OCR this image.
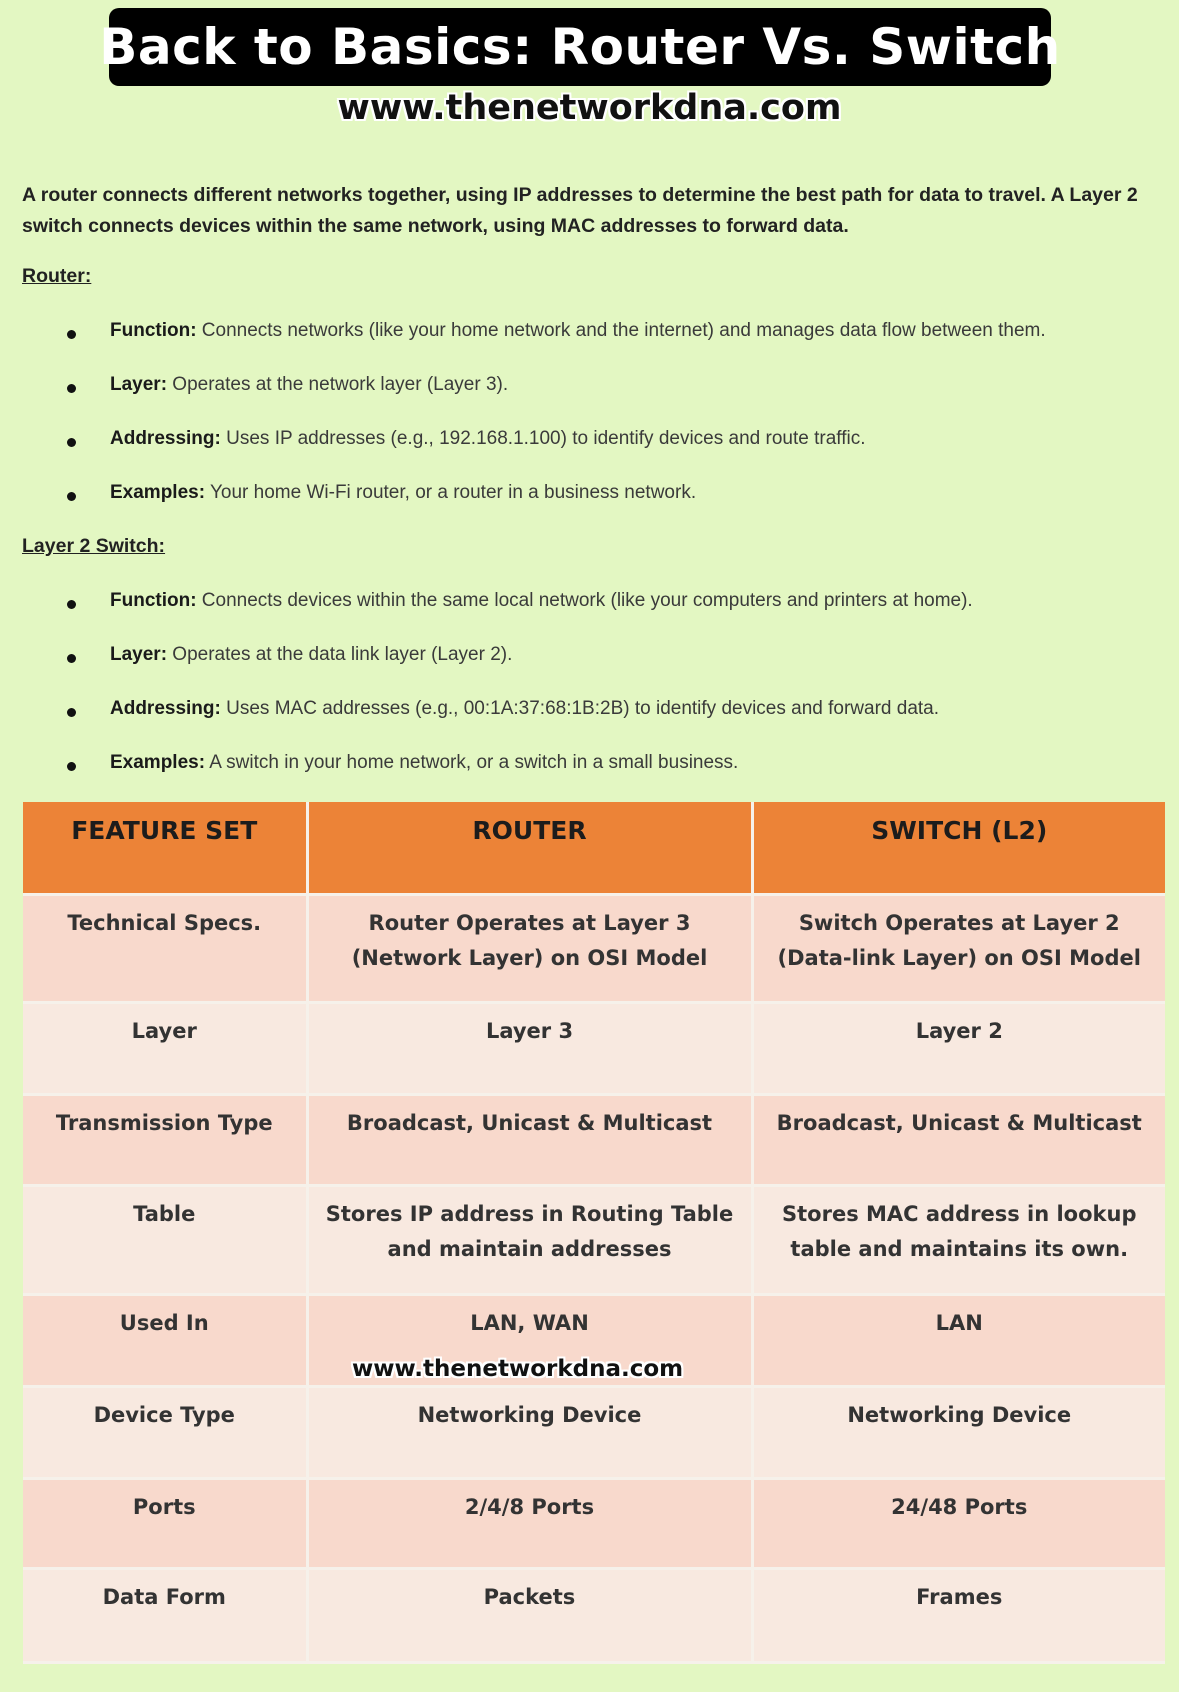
Back to Basics: Router Vs. Switch
www.thenetworkdna.com

A router connects different networks together, using IP addresses to determine the best path for data to travel. A Layer 2 switch connects devices within the same network, using MAC addresses to forward data.

Router:

Function: Connects networks (like your home network and the internet) and manages data flow between them.
Layer: Operates at the network layer (Layer 3).
Addressing: Uses IP addresses (e.g., 192.168.1.100) to identify devices and route traffic.
Examples: Your home Wi-Fi router, or a router in a business network.

Layer 2 Switch:

Function: Connects devices within the same local network (like your computers and printers at home).
Layer: Operates at the data link layer (Layer 2).
Addressing: Uses MAC addresses (e.g., 00:1A:37:68:1B:2B) to identify devices and forward data.
Examples: A switch in your home network, or a switch in a small business.
FEATURE SET	ROUTER	SWITCH (L2)
Technical Specs.	Router Operates at Layer 3 (Network Layer) on OSI Model	Switch Operates at Layer 2 (Data-link Layer) on OSI Model
Layer	Layer 3	Layer 2
Transmission Type	Broadcast, Unicast & Multicast	Broadcast, Unicast & Multicast
Table	Stores IP address in Routing Table and maintain addresses	Stores MAC address in lookup table and maintains its own.
Used In	LAN, WAN	LAN
Device Type	Networking Device	Networking Device
Ports	2/4/8 Ports	24/48 Ports
Data Form	Packets	Frames
www.thenetworkdna.com
